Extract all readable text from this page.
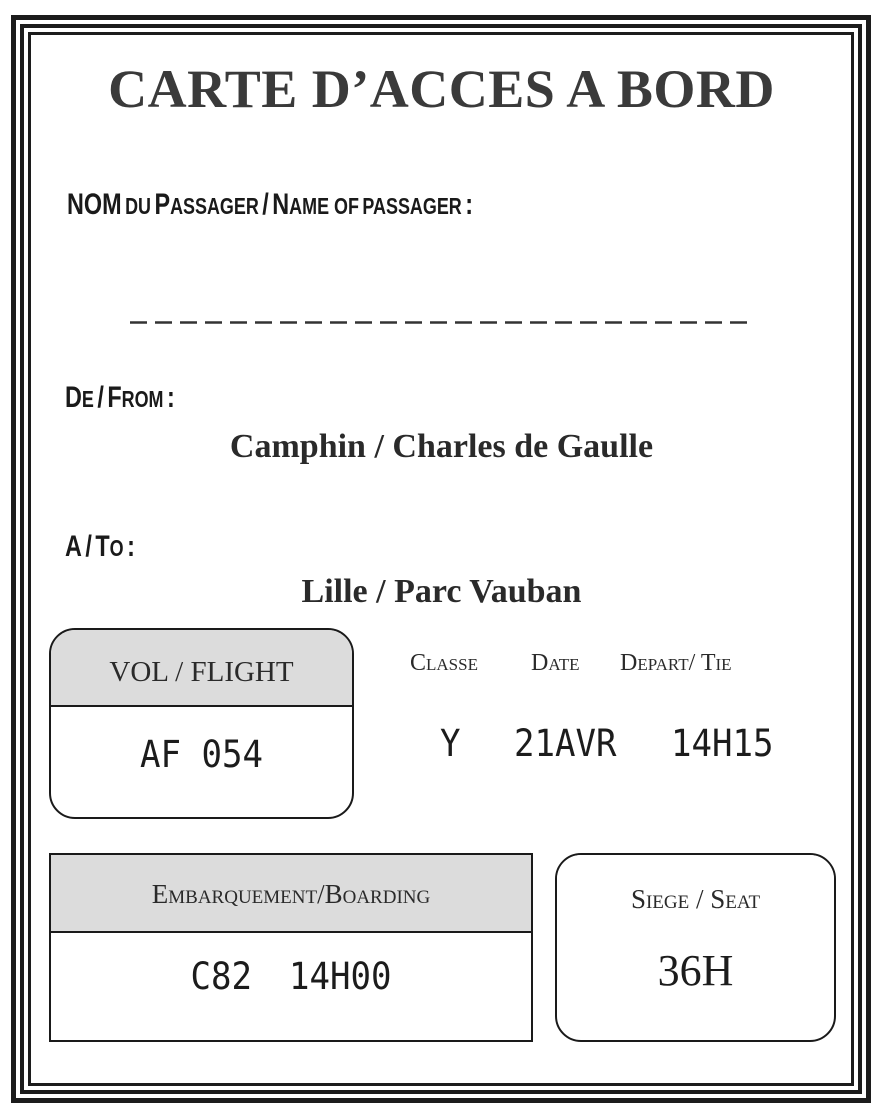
CARTE D’ACCES A BORD
NOM DU PASSAGER / NAME OF PASSAGER :
DE / FROM :
Camphin / Charles de Gaulle
A / TO :
Lille / Parc Vauban
VOL / FLIGHT
AF 054
Classe Date Depart/ Tie
Y 21AVR 14H15
Embarquement/Boarding
C82 14H00
Siege / Seat
36H
